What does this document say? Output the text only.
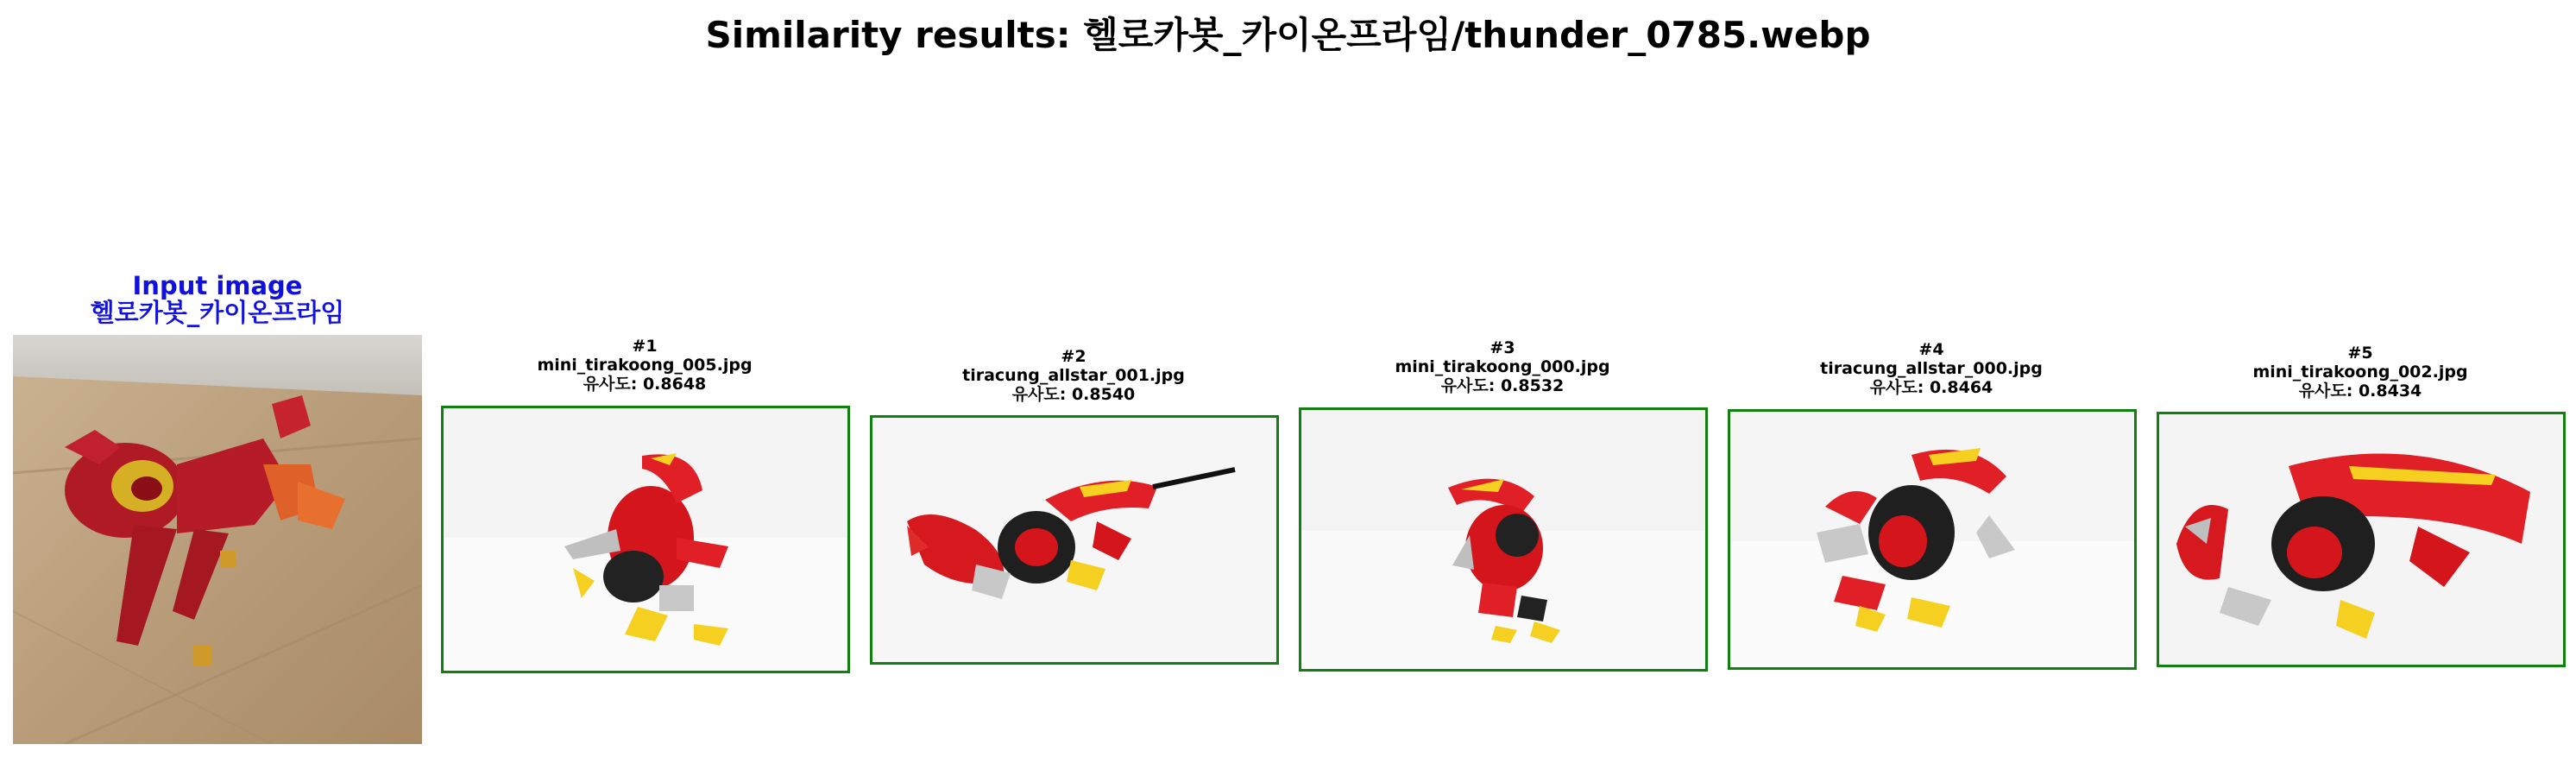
Similarity results: 헬로카봇_카이온프라임/thunder_0785.webp
Input image
헬로카봇_카이온프라임
#1
mini_tirakoong_005.jpg
유사도: 0.8648
#2
tiracung_allstar_001.jpg
유사도: 0.8540
#3
mini_tirakoong_000.jpg
유사도: 0.8532
#4
tiracung_allstar_000.jpg
유사도: 0.8464
#5
mini_tirakoong_002.jpg
유사도: 0.8434
